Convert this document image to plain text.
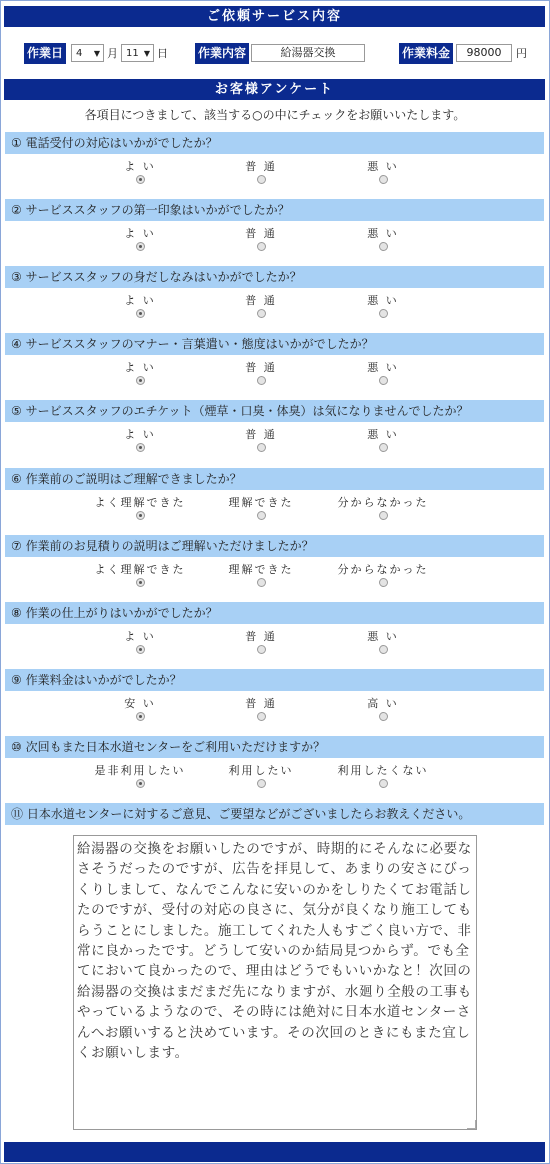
ご依頼サービス内容
作業日	4 ▼ 月 11 ▼ 日	作業内容	給湯器交換	作業料金	98000	円
お客様アンケート
各項目につきまして、該当する○の中にチェックをお願いいたします。
① 電話受付の対応はいかがでしたか？
よ い	普 通	悪 い
② サービススタッフの第一印象はいかがでしたか？
よ い	普 通	悪 い
③ サービススタッフの身だしなみはいかがでしたか？
よ い	普 通	悪 い
④ サービススタッフのマナー・言葉遣い・態度はいかがでしたか？
よ い	普 通	悪 い
⑤ サービススタッフのエチケット（煙草・口臭・体臭）は気になりませんでしたか？
よ い	普 通	悪 い
⑥ 作業前のご説明はご理解できましたか？
よく理解できた	理解できた	分からなかった
⑦ 作業前のお見積りの説明はご理解いただけましたか？
よく理解できた	理解できた	分からなかった
⑧ 作業の仕上がりはいかがでしたか？
よ い	普 通	悪 い
⑨ 作業料金はいかがでしたか？
安 い	普 通	高 い
⑩ 次回もまた日本水道センターをご利用いただけますか？
是非利用したい	利用したい	利用したくない
⑪ 日本水道センターに対するご意見、ご要望などがございましたらお教えください。
給湯器の交換をお願いしたのですが、時期的にそんなに必要なさそうだったのですが、広告を拝見して、あまりの安さにびっくりしまして、なんでこんなに安いのかをしりたくてお電話したのですが、受付の対応の良さに、気分が良くなり施工してもらうことにしました。施工してくれた人もすごく良い方で、非常に良かったです。どうして安いのか結局見つからず。でも全てにおいて良かったので、理由はどうでもいいかなと！次回の給湯器の交換はまだまだ先になりますが、水廻り全般の工事もやっているようなので、その時には絶対に日本水道センターさんへお願いすると決めています。その次回のときにもまた宜しくお願いします。
